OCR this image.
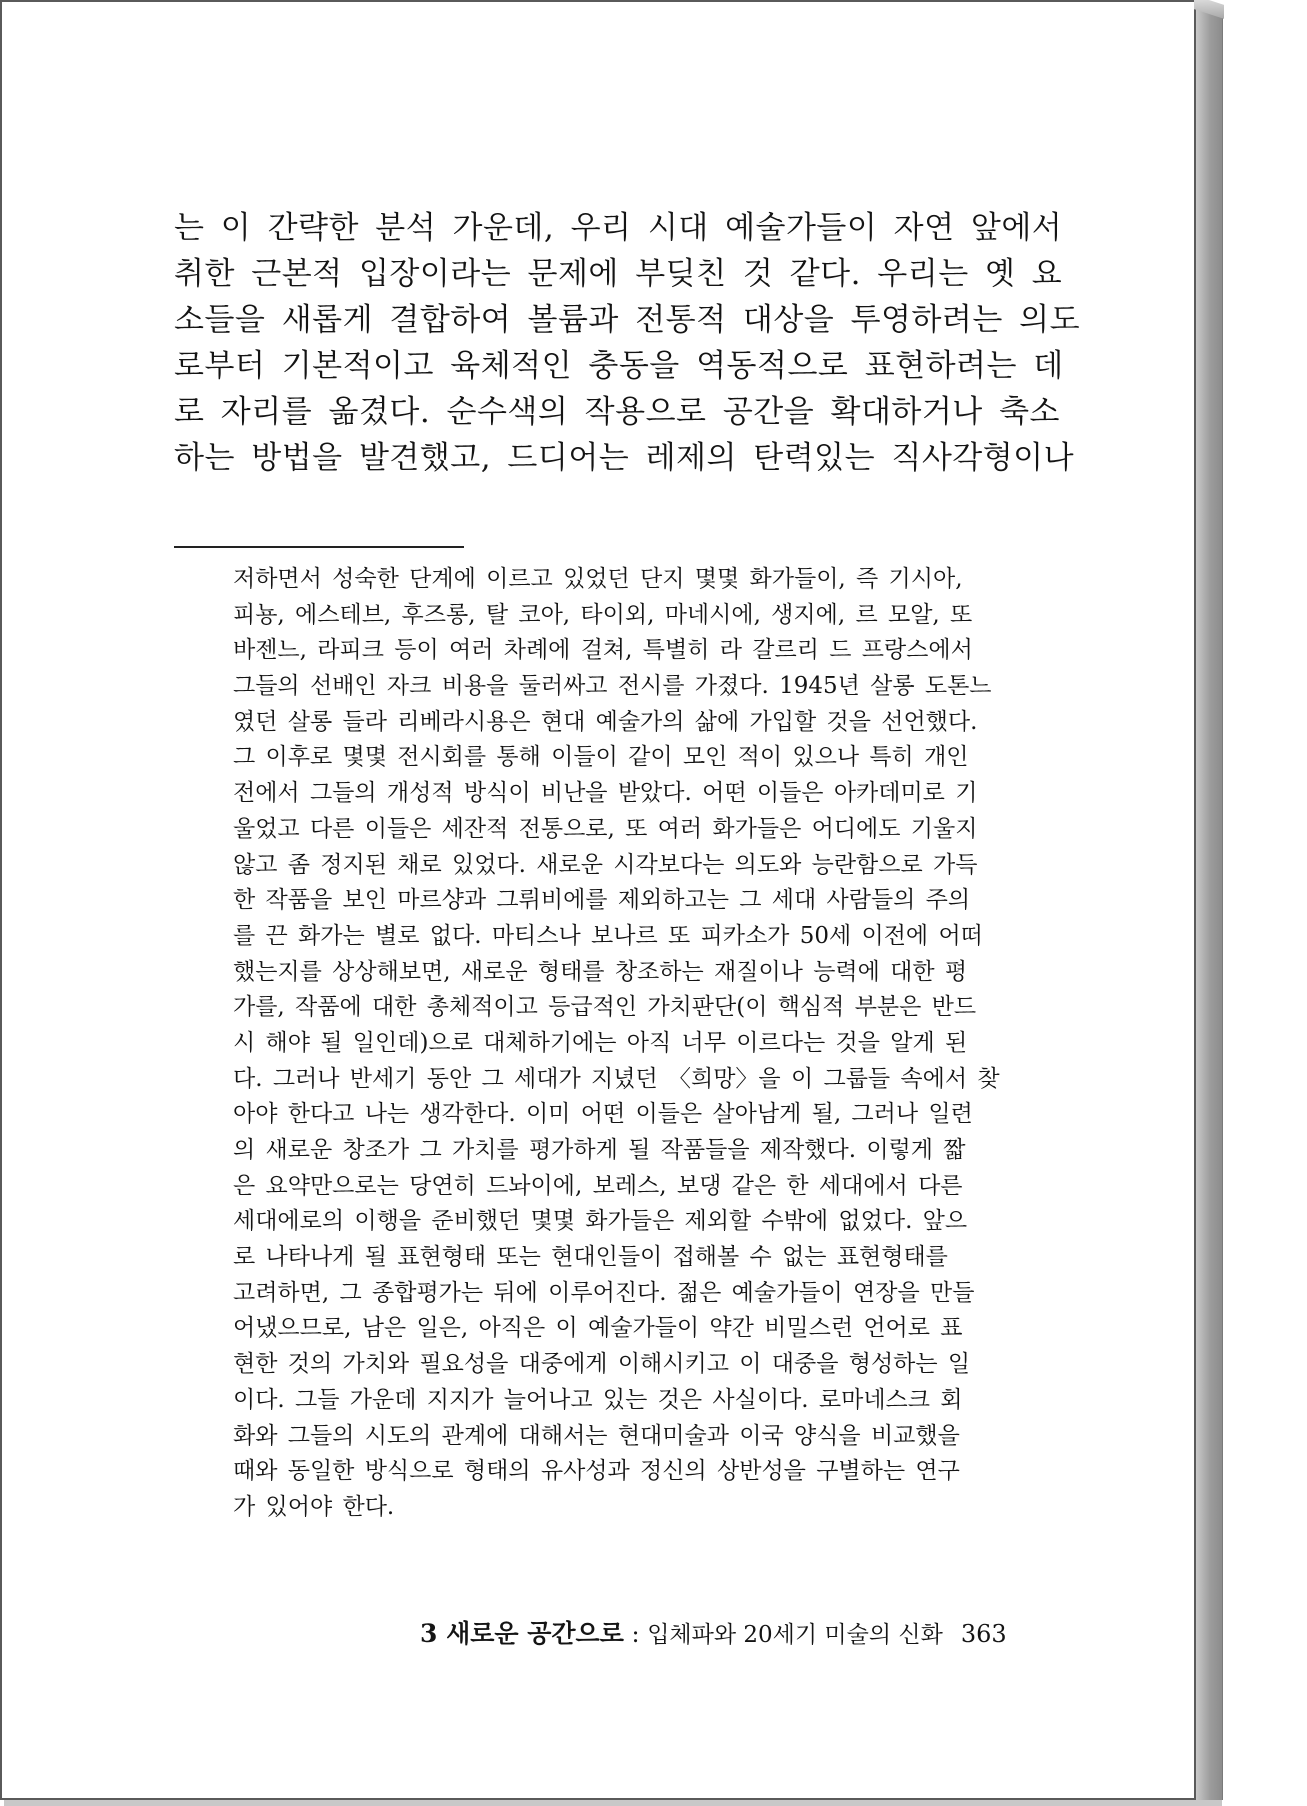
는 이 간략한 분석 가운데, 우리 시대 예술가들이 자연 앞에서
취한 근본적 입장이라는 문제에 부딪친 것 같다. 우리는 옛 요
소들을 새롭게 결합하여 볼륨과 전통적 대상을 투영하려는 의도
로부터 기본적이고 육체적인 충동을 역동적으로 표현하려는 데
로 자리를 옮겼다. 순수색의 작용으로 공간을 확대하거나 축소
하는 방법을 발견했고, 드디어는 레제의 탄력있는 직사각형이나
저하면서 성숙한 단계에 이르고 있었던 단지 몇몇 화가들이, 즉 기시아,
피뇽, 에스테브, 후즈롱, 탈 코아, 타이외, 마네시에, 생지에, 르 모알, 또
바젠느, 라피크 등이 여러 차례에 걸쳐, 특별히 라 갈르리 드 프랑스에서
그들의 선배인 자크 비용을 둘러싸고 전시를 가졌다. 1945년 살롱 도톤느
였던 살롱 들라 리베라시용은 현대 예술가의 삶에 가입할 것을 선언했다.
그 이후로 몇몇 전시회를 통해 이들이 같이 모인 적이 있으나 특히 개인
전에서 그들의 개성적 방식이 비난을 받았다. 어떤 이들은 아카데미로 기
울었고 다른 이들은 세잔적 전통으로, 또 여러 화가들은 어디에도 기울지
않고 좀 정지된 채로 있었다. 새로운 시각보다는 의도와 능란함으로 가득
한 작품을 보인 마르샹과 그뤼비에를 제외하고는 그 세대 사람들의 주의
를 끈 화가는 별로 없다. 마티스나 보나르 또 피카소가 50세 이전에 어떠
했는지를 상상해보면, 새로운 형태를 창조하는 재질이나 능력에 대한 평
가를, 작품에 대한 총체적이고 등급적인 가치판단(이 핵심적 부분은 반드
시 해야 될 일인데)으로 대체하기에는 아직 너무 이르다는 것을 알게 된
다. 그러나 반세기 동안 그 세대가 지녔던 〈희망〉을 이 그룹들 속에서 찾
아야 한다고 나는 생각한다. 이미 어떤 이들은 살아남게 될, 그러나 일련
의 새로운 창조가 그 가치를 평가하게 될 작품들을 제작했다. 이렇게 짧
은 요약만으로는 당연히 드놔이에, 보레스, 보댕 같은 한 세대에서 다른
세대에로의 이행을 준비했던 몇몇 화가들은 제외할 수밖에 없었다. 앞으
로 나타나게 될 표현형태 또는 현대인들이 접해볼 수 없는 표현형태를
고려하면, 그 종합평가는 뒤에 이루어진다. 젊은 예술가들이 연장을 만들
어냈으므로, 남은 일은, 아직은 이 예술가들이 약간 비밀스런 언어로 표
현한 것의 가치와 필요성을 대중에게 이해시키고 이 대중을 형성하는 일
이다. 그들 가운데 지지가 늘어나고 있는 것은 사실이다. 로마네스크 회
화와 그들의 시도의 관계에 대해서는 현대미술과 이국 양식을 비교했을
때와 동일한 방식으로 형태의 유사성과 정신의 상반성을 구별하는 연구
가 있어야 한다.
3 새로운 공간으로 : 입체파와 20세기 미술의 신화 363
